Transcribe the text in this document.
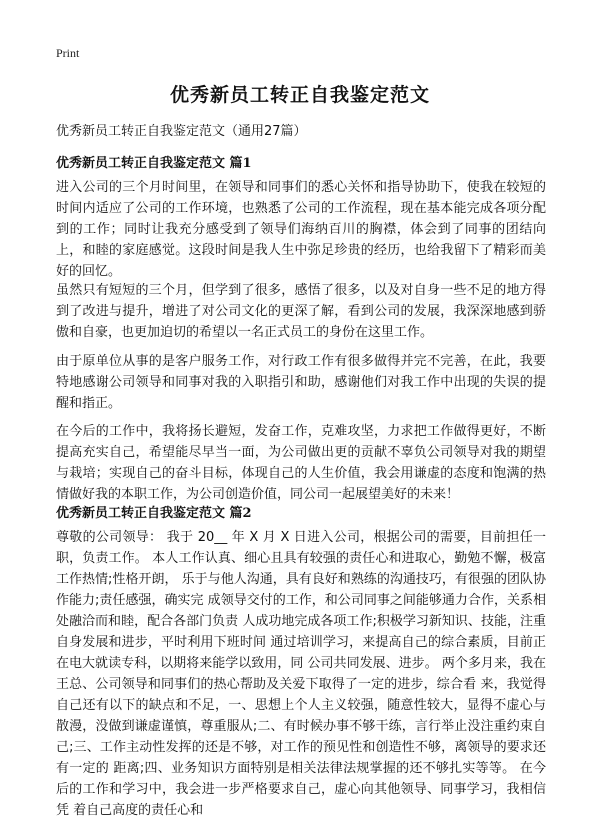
Print
优秀新员工转正自我鉴定范文
优秀新员工转正自我鉴定范文（通用27篇）
优秀新员工转正自我鉴定范文 篇1

进入公司的三个月时间里，在领导和同事们的悉心关怀和指导协助下，使我在较短的时间内适应了公司的工作环境，也熟悉了公司的工作流程，现在基本能完成各项分配到的工作；同时让我充分感受到了领导们海纳百川的胸襟，体会到了同事的团结向上，和睦的家庭感觉。这段时间是我人生中弥足珍贵的经历，也给我留下了精彩而美好的回忆。

虽然只有短短的三个月，但学到了很多，感悟了很多，以及对自身一些不足的地方得到了改进与提升，增进了对公司文化的更深了解，看到公司的发展，我深深地感到骄傲和自豪，也更加迫切的希望以一名正式员工的身份在这里工作。

由于原单位从事的是客户服务工作，对行政工作有很多做得并完不完善，在此，我要特地感谢公司领导和同事对我的入职指引和助，感谢他们对我工作中出现的失误的提醒和指正。

在今后的工作中，我将扬长避短，发奋工作，克难攻坚，力求把工作做得更好，不断提高充实自己，希望能尽早当一面，为公司做出更的贡献不辜负公司领导对我的期望与栽培；实现自己的奋斗目标，体现自己的人生价值，我会用谦虚的态度和饱满的热情做好我的本职工作，为公司创造价值，同公司一起展望美好的未来！

优秀新员工转正自我鉴定范文 篇2

尊敬的公司领导： 我于 20__ 年 X 月 X 日进入公司，根据公司的需要，目前担任一职，负责工作。 本人工作认真、细心且具有较强的责任心和进取心，勤勉不懈，极富工作热情;性格开朗， 乐于与他人沟通，具有良好和熟练的沟通技巧，有很强的团队协作能力;责任感强，确实完 成领导交付的工作，和公司同事之间能够通力合作，关系相处融洽而和睦，配合各部门负责 人成功地完成各项工作;积极学习新知识、技能，注重自身发展和进步，平时利用下班时间 通过培训学习，来提高自己的综合素质，目前正在电大就读专科，以期将来能学以致用，同 公司共同发展、进步。 两个多月来，我在王总、公司领导和同事们的热心帮助及关爱下取得了一定的进步，综合看 来，我觉得自己还有以下的缺点和不足，一、思想上个人主义较强，随意性较大，显得不虚心与散漫，没做到谦虚谨慎，尊重服从;二、有时候办事不够干练，言行举止没注重约束自己;三、工作主动性发挥的还是不够，对工作的预见性和创造性不够，离领导的要求还有一定的 距离;四、业务知识方面特别是相关法律法规掌握的还不够扎实等等。 在今后的工作和学习中，我会进一步严格要求自己，虚心向其他领导、同事学习，我相信凭 着自己高度的责任心和
